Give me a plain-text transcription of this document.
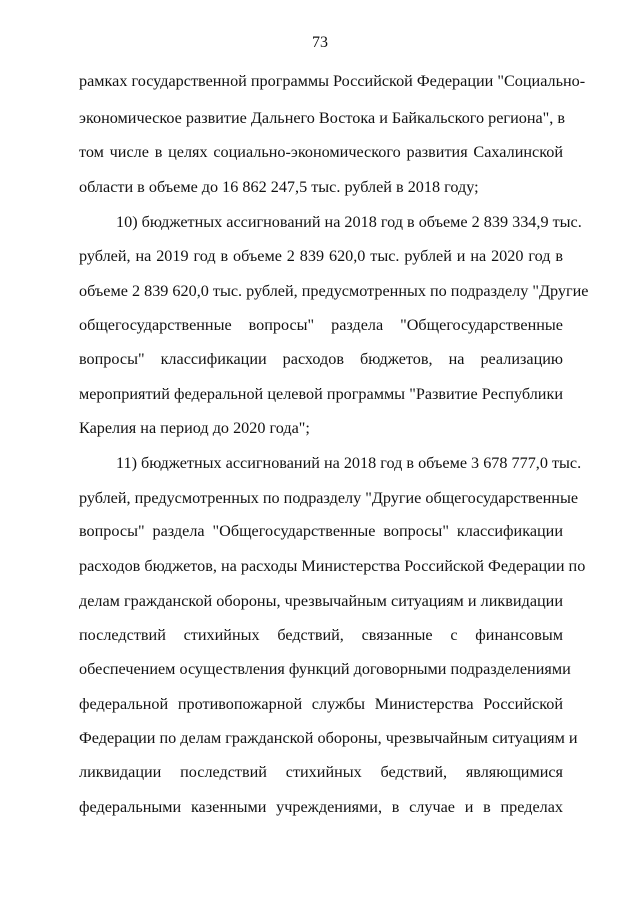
73
рамках государственной программы Российской Федерации "Социально-
экономическое развитие Дальнего Востока и Байкальского региона", в
том числе в целях социально-экономического развития Сахалинской
области в объеме до 16 862 247,5 тыс. рублей в 2018 году;
10) бюджетных ассигнований на 2018 год в объеме 2 839 334,9 тыс.
рублей, на 2019 год в объеме 2 839 620,0 тыс. рублей и на 2020 год в
объеме 2 839 620,0 тыс. рублей, предусмотренных по подразделу "Другие
общегосударственные вопросы" раздела "Общегосударственные
вопросы" классификации расходов бюджетов, на реализацию
мероприятий федеральной целевой программы "Развитие Республики
Карелия на период до 2020 года";
11) бюджетных ассигнований на 2018 год в объеме 3 678 777,0 тыс.
рублей, предусмотренных по подразделу "Другие общегосударственные
вопросы" раздела "Общегосударственные вопросы" классификации
расходов бюджетов, на расходы Министерства Российской Федерации по
делам гражданской обороны, чрезвычайным ситуациям и ликвидации
последствий стихийных бедствий, связанные с финансовым
обеспечением осуществления функций договорными подразделениями
федеральной противопожарной службы Министерства Российской
Федерации по делам гражданской обороны, чрезвычайным ситуациям и
ликвидации последствий стихийных бедствий, являющимися
федеральными казенными учреждениями, в случае и в пределах
